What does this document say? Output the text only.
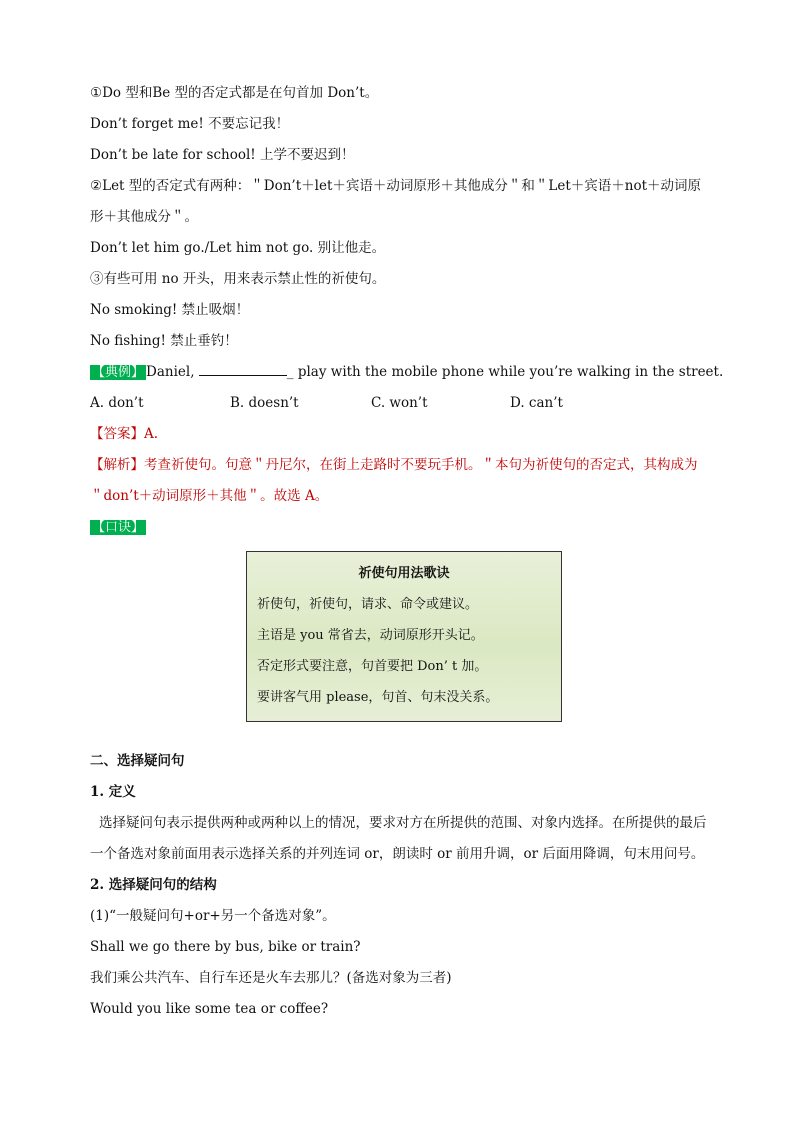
①Do 型和Be 型的否定式都是在句首加 Don’t。
Don’t forget me! 不要忘记我！
Don’t be late for school! 上学不要迟到！
②Let 型的否定式有两种：＂Don’t＋let＋宾语＋动词原形＋其他成分＂和＂Let＋宾语＋not＋动词原
形＋其他成分＂。
Don’t let him go./Let him not go. 别让他走。
③有些可用 no 开头，用来表示禁止性的祈使句。
No smoking! 禁止吸烟！
No fishing! 禁止垂钓！
【典例】 Daniel,	_ play with the mobile phone while you’re walking in the street.
A. don’t	B. doesn’t	C. won’t	D. can’t
【答案】A.
【解析】考查祈使句。句意＂丹尼尔，在街上走路时不要玩手机。＂本句为祈使句的否定式，其构成为
＂don’t＋动词原形＋其他＂。故选 A。
【口诀】
祈使句用法歌诀
祈使句，祈使句，请求、命令或建议。
主语是 you 常省去，动词原形开头记。
否定形式要注意，句首要把 Don’ t 加。
要讲客气用 please，句首、句末没关系。
二、选择疑问句
1. 定义
选择疑问句表示提供两种或两种以上的情况，要求对方在所提供的范围、对象内选择。在所提供的最后一个备选对象前面用表示选择关系的并列连词 or，朗读时 or 前用升调，or 后面用降调，句末用问号。
2. 选择疑问句的结构
(1)“一般疑问句+or+另一个备选对象”。
Shall we go there by bus, bike or train?
我们乘公共汽车、自行车还是火车去那儿？(备选对象为三者)
Would you like some tea or coffee?
